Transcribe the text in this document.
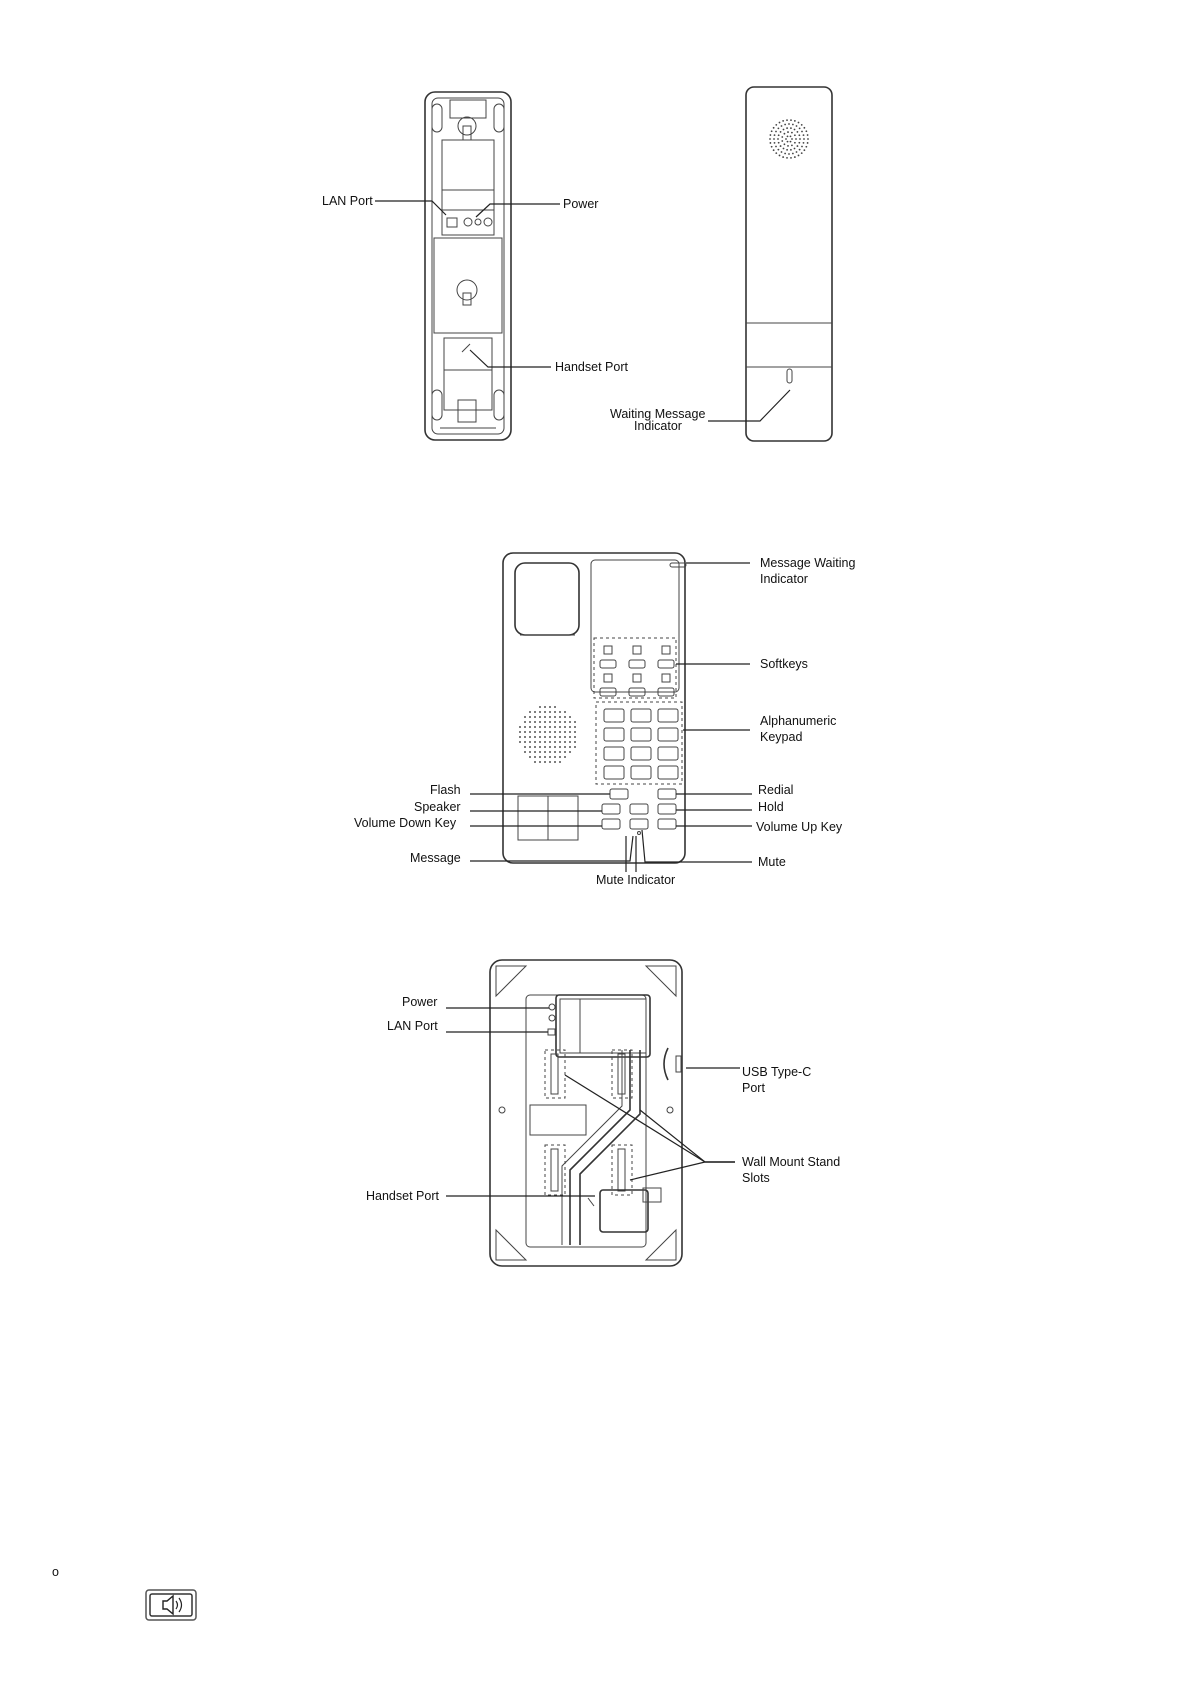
LAN Port	Power
Handset Port
Waiting Message
Indicator
Message Waiting
Indicator
Softkeys
Alphanumeric
Keypad
Flash
Speaker
Volume Down Key
Message
Mute Indicator
Redial
Hold
Volume Up Key
Mute
Power
LAN Port
USB Type-C
Port
Wall Mount Stand
Slots
Handset Port
o
